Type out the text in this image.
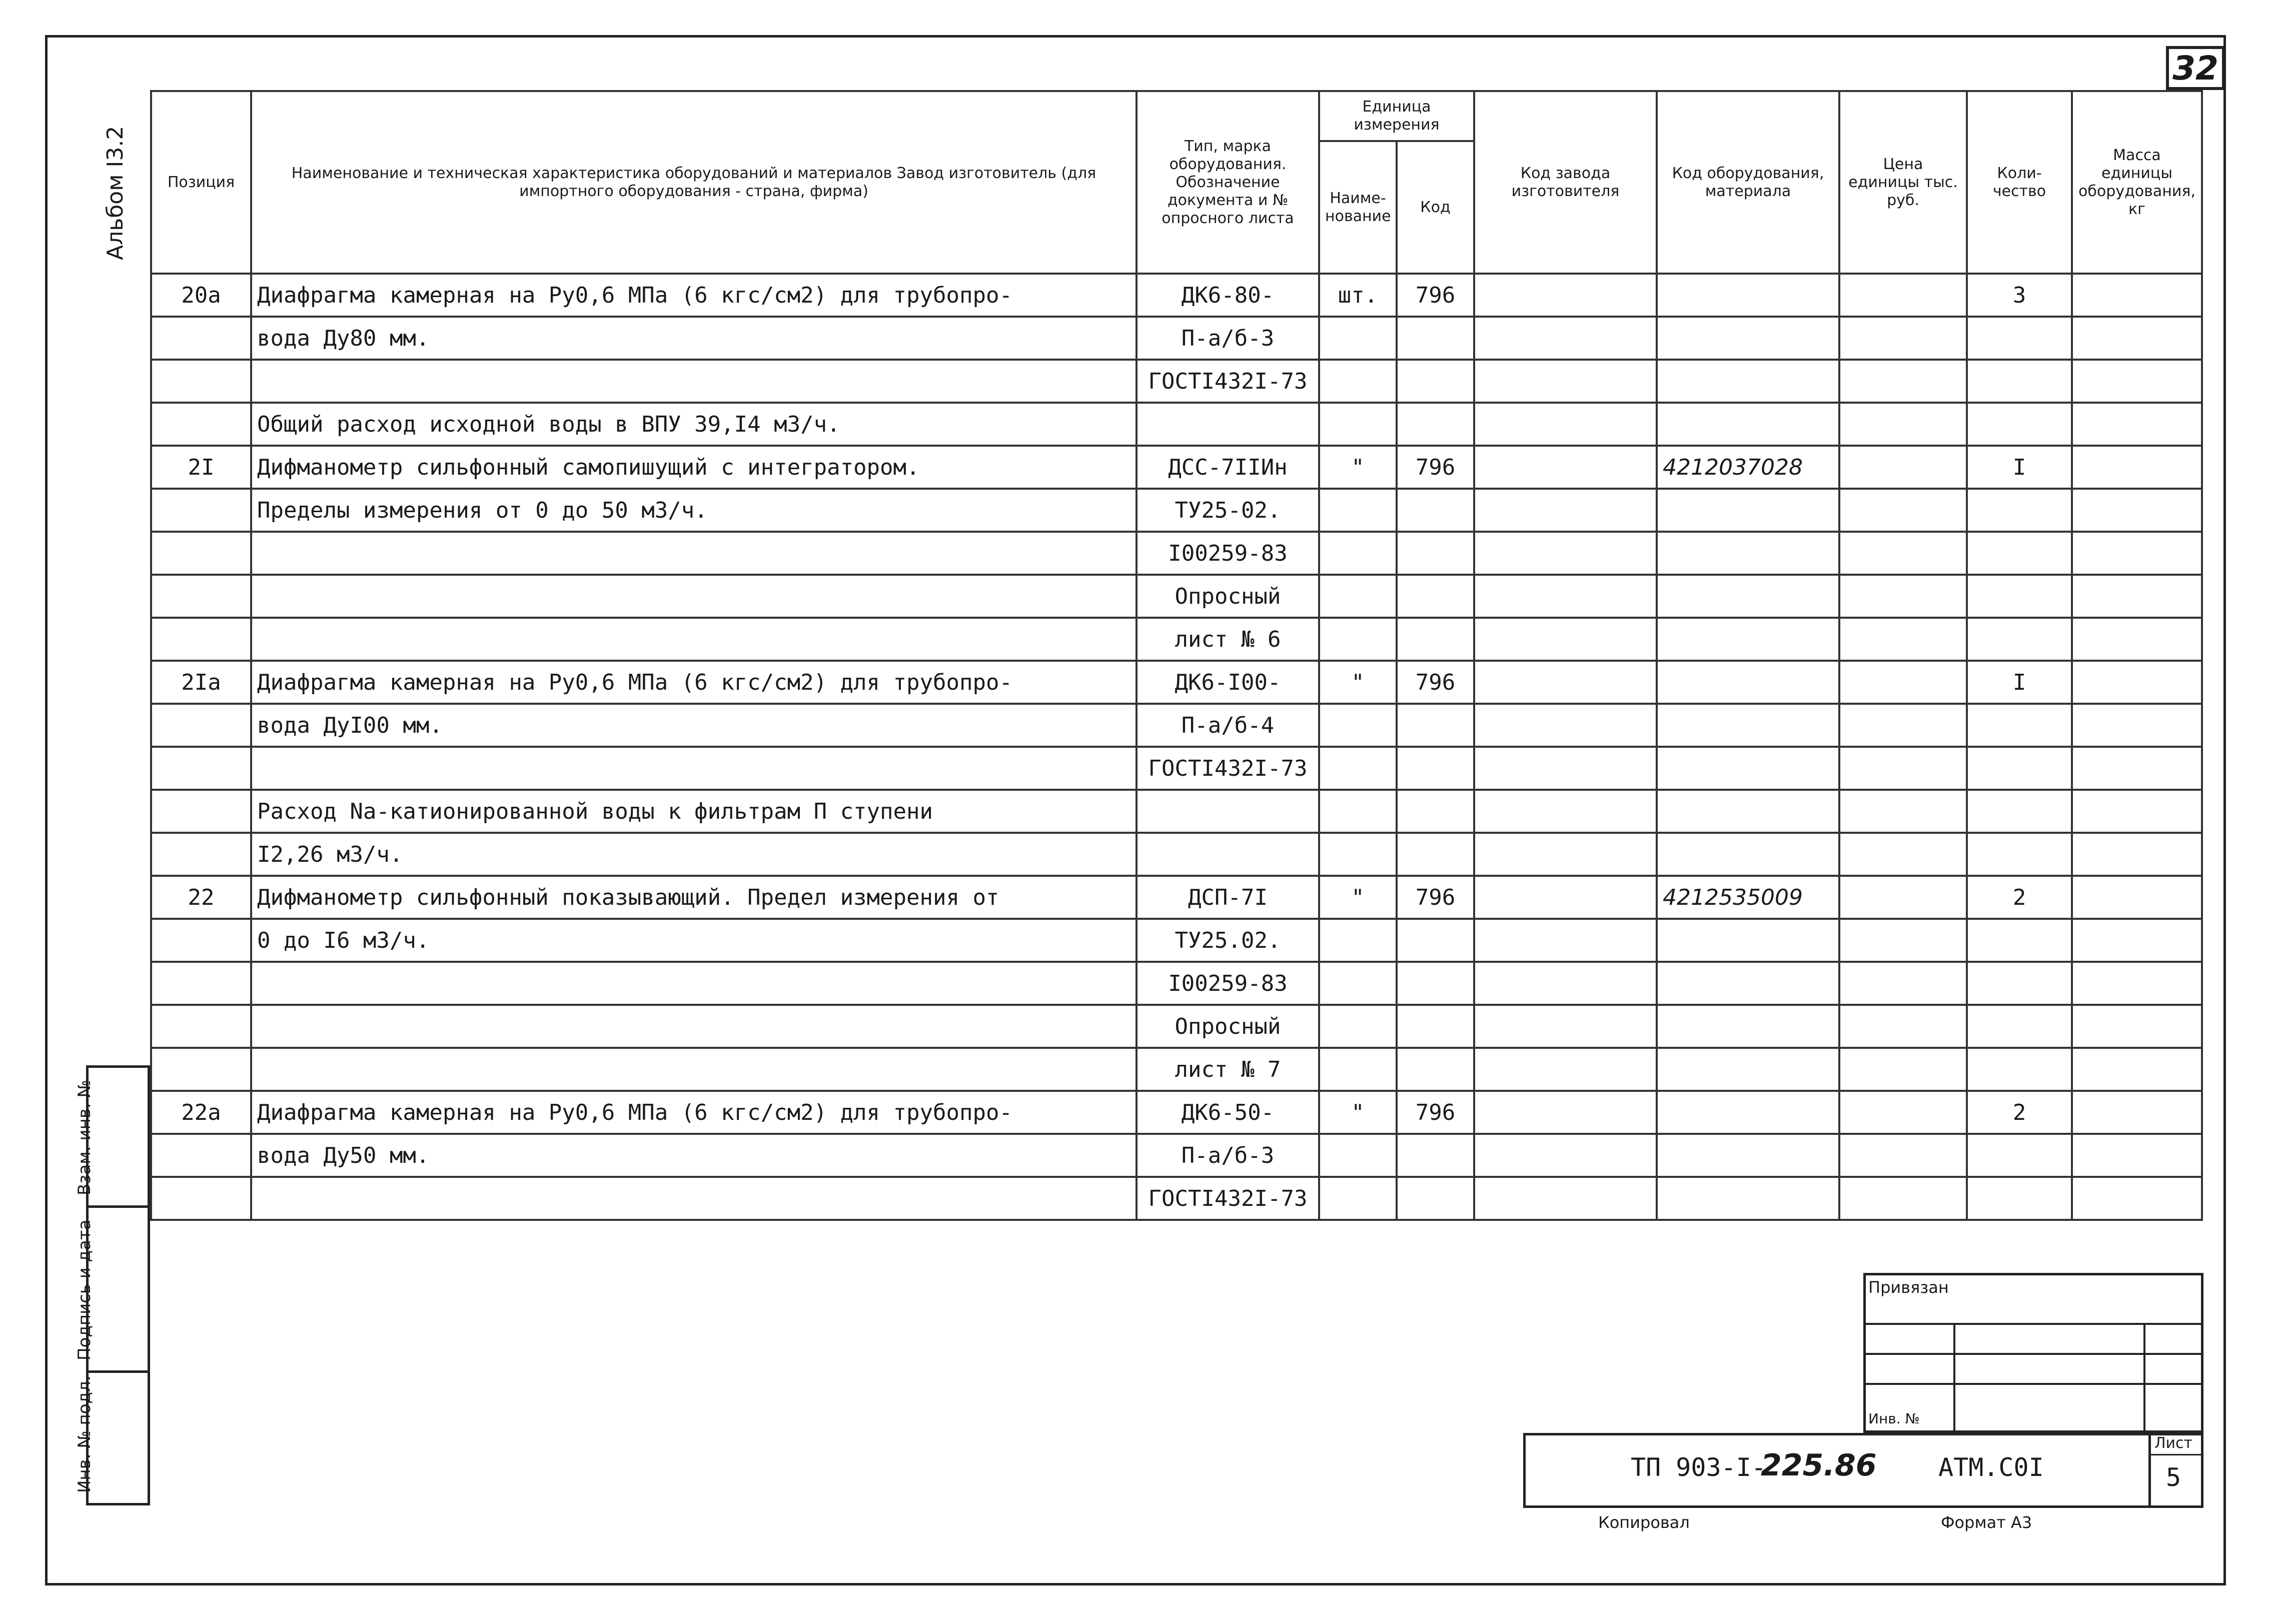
32
Альбом I3.2
Взам. инв. №
Подпись и дата
Инв. № подл.
Позиция	Наименование и техническая характеристика оборудований и материалов Завод изготовитель (для импортного оборудования - страна, фирма)	Тип, марка оборудования. Обозначение документа и № опросного листа	Единица измерения		Код завода изготовителя	Код оборудования, материала	Цена единицы тыс. руб.	Коли-чество	Масса единицы оборудования, кг
			Наиме-нование	Код					
20а	Диафрагма камерная на Ру0,6 МПа (6 кгс/см2) для трубопро-	ДК6-80-	шт.	796				3	
	вода Ду80 мм.	П-а/б-3							
		ГОСТI432I-73							
	Общий расход исходной воды в ВПУ 39,I4 м3/ч.								
2I	Дифманометр сильфонный самопишущий с интегратором.	ДСС-7IIИн	"	796		4212037028		I	
	Пределы измерения от 0 до 50 м3/ч.	ТУ25-02.							
		I00259-83							
		Опросный							
		лист № 6							
2Iа	Диафрагма камерная на Ру0,6 МПа (6 кгс/см2) для трубопро-	ДК6-I00-	"	796				I	
	вода ДуI00 мм.	П-а/б-4							
		ГОСТI432I-73							
	Расход Na-катионированной воды к фильтрам П ступени								
	I2,26 м3/ч.								
22	Дифманометр сильфонный показывающий. Предел измерения от	ДСП-7I	"	796		4212535009		2	
	0 до I6 м3/ч.	ТУ25.02.							
		I00259-83							
		Опросный							
		лист № 7							
22а	Диафрагма камерная на Ру0,6 МПа (6 кгс/см2) для трубопро-	ДК6-50-	"	796				2	
	вода Ду50 мм.	П-а/б-3							
		ГОСТI432I-73							
Привязан
Инв. №
ТП 903-I-
225.86 АТМ.С0I
Лист
5
Копировал	Формат А3
